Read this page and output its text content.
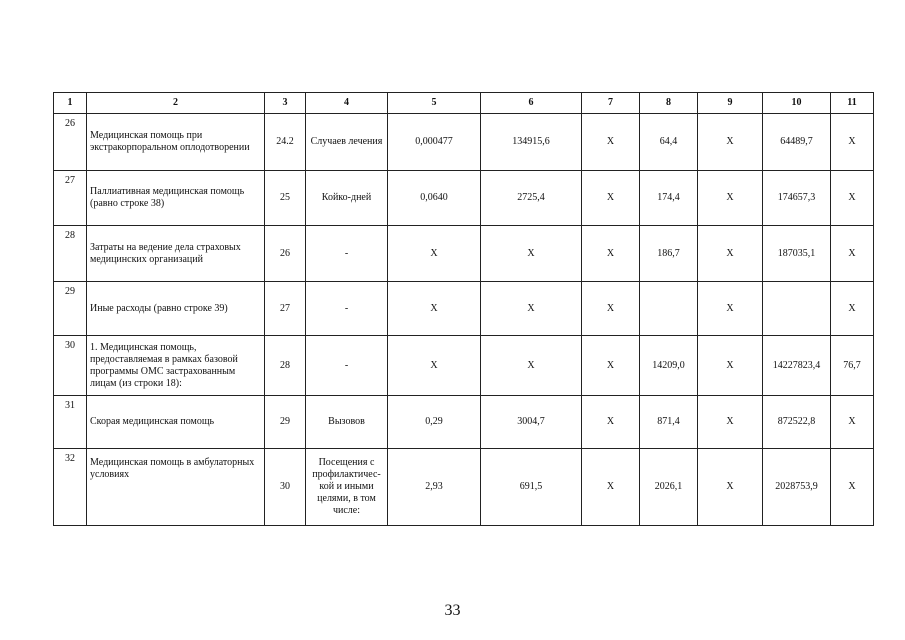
1	2	3	4	5	6	7	8	9	10	11
26	Медицинская помощь при экстракорпоральном оплодотворении	24.2	Случаев лечения	0,000477	134915,6	Х	64,4	Х	64489,7	Х
27	Паллиативная медицинская помощь (равно строке 38)	25	Койко-дней	0,0640	2725,4	Х	174,4	Х	174657,3	Х
28	Затраты на ведение дела страховых медицинских организаций	26	-	Х	Х	Х	186,7	Х	187035,1	Х
29	Иные расходы (равно строке 39)	27	-	Х	Х	Х		Х		Х
30	1. Медицинская помощь, предоставляемая в рамках базовой программы ОМС застрахованным лицам (из строки 18):	28	-	Х	Х	Х	14209,0	Х	14227823,4	76,7
31	Скорая медицинская помощь	29	Вызовов	0,29	3004,7	Х	871,4	Х	872522,8	Х
32	Медицинская помощь в амбулаторных условиях	30	Посещения с профилактичес-кой и иными целями, в том числе:	2,93	691,5	Х	2026,1	Х	2028753,9	Х
33
